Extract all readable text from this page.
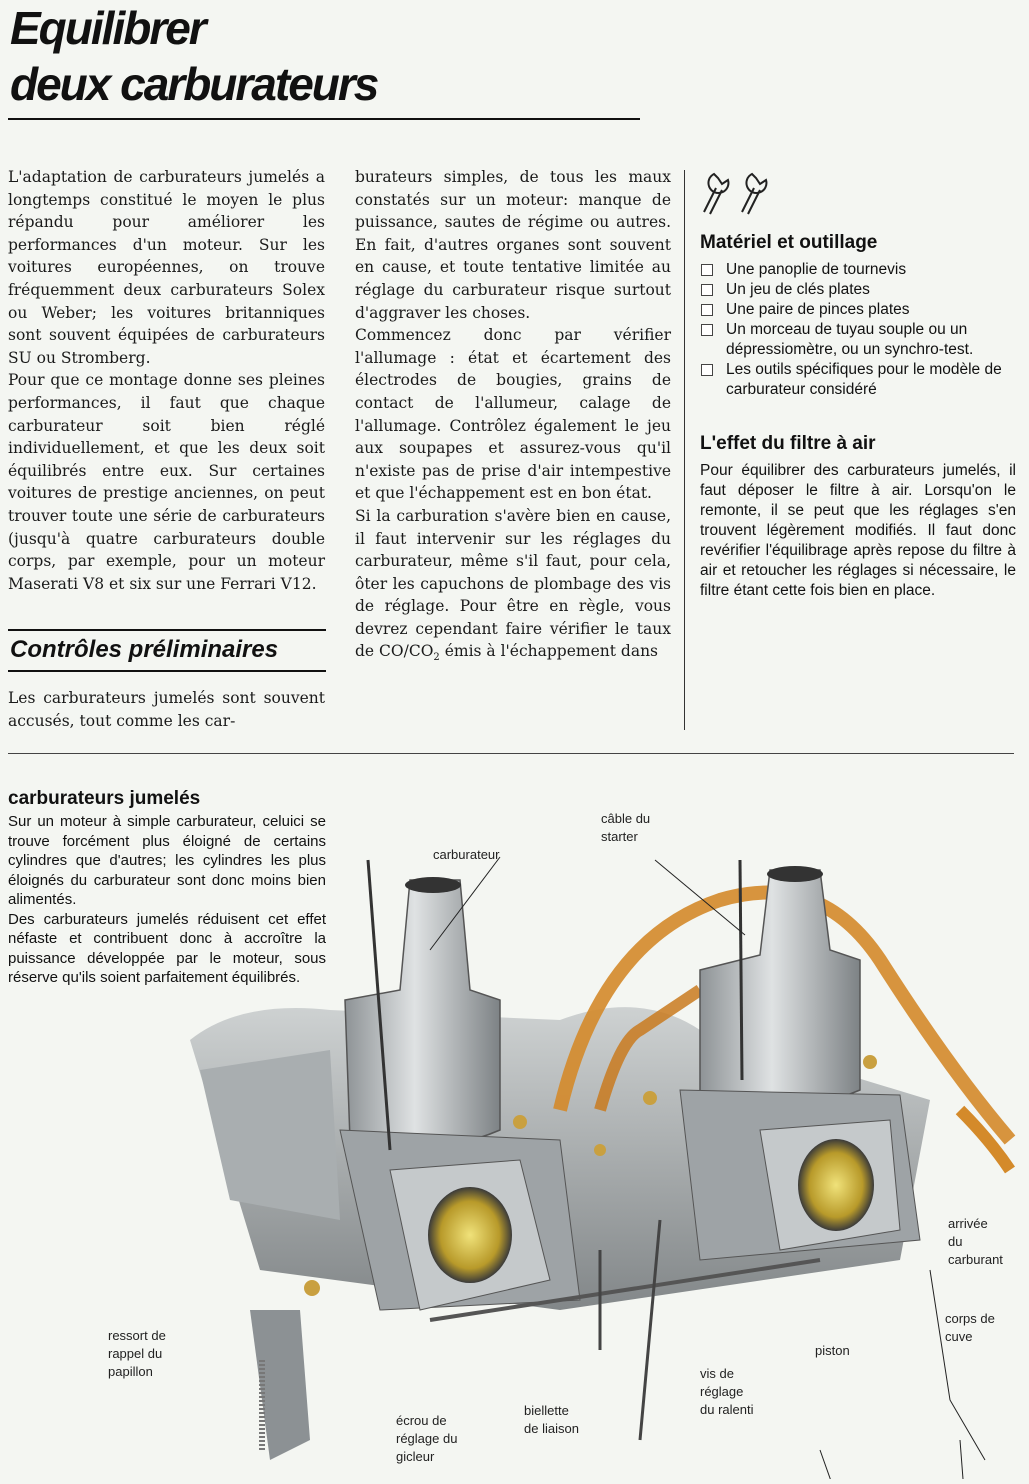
Equilibrer
deux carburateurs

L'adaptation de carburateurs jumelés a longtemps constitué le moyen le plus répandu pour améliorer les performances d'un moteur. Sur les voitures européennes, on trouve fréquemment deux carburateurs Solex ou Weber; les voitures britanniques sont souvent équipées de carburateurs SU ou Stromberg.

Pour que ce montage donne ses pleines performances, il faut que chaque carburateur soit bien réglé individuellement, et que les deux soit équilibrés entre eux. Sur certaines voitures de prestige anciennes, on peut trouver toute une série de carburateurs (jusqu'à quatre carburateurs double corps, par exemple, pour un moteur Maserati V8 et six sur une Ferrari V12.

Contrôles préliminaires

Les carburateurs jumelés sont souvent accusés, tout comme les car-

burateurs simples, de tous les maux constatés sur un moteur: manque de puissance, sautes de régime ou autres. En fait, d'autres organes sont souvent en cause, et toute tentative limitée au réglage du carburateur risque surtout d'aggraver les choses.

Commencez donc par vérifier l'allumage : état et écartement des électrodes de bougies, grains de contact de l'allumeur, calage de l'allumage. Contrôlez également le jeu aux soupapes et assurez-vous qu'il n'existe pas de prise d'air intempestive et que l'échappement est en bon état.

Si la carburation s'avère bien en cause, il faut intervenir sur les réglages du carburateur, même s'il faut, pour cela, ôter les capuchons de plombage des vis de réglage. Pour être en règle, vous devrez cependant faire vérifier le taux de $CO/CO_2$ émis à l'échappement dans

Matériel et outillage
Une panoplie de tournevis
Un jeu de clés plates
Une paire de pinces plates
Un morceau de tuyau souple ou un dépressiomètre, ou un synchro-test.
Les outils spécifiques pour le modèle de carburateur considéré
L'effet du filtre à air

Pour équilibrer des carburateurs jumelés, il faut déposer le filtre à air. Lorsqu'on le remonte, il se peut que les réglages s'en trouvent légèrement modifiés. Il faut donc revérifier l'équilibrage après repose du filtre à air et retoucher les réglages si nécessaire, le filtre étant cette fois bien en place.

carburateurs jumelés

Sur un moteur à simple carburateur, celuici se trouve forcément plus éloigné de certains cylindres que d'autres; les cylindres les plus éloignés du carburateur sont donc moins bien alimentés.

Des carburateurs jumelés réduisent cet effet néfaste et contribuent donc à accroître la puissance développée par le moteur, sous réserve qu'ils soient parfaitement équilibrés.

carburateur
câble du
starter
arrivée
du
carburant
corps de
cuve
piston
vis de
réglage
du ralenti
biellette
de liaison
écrou de
réglage du
gicleur
ressort de
rappel du
papillon
